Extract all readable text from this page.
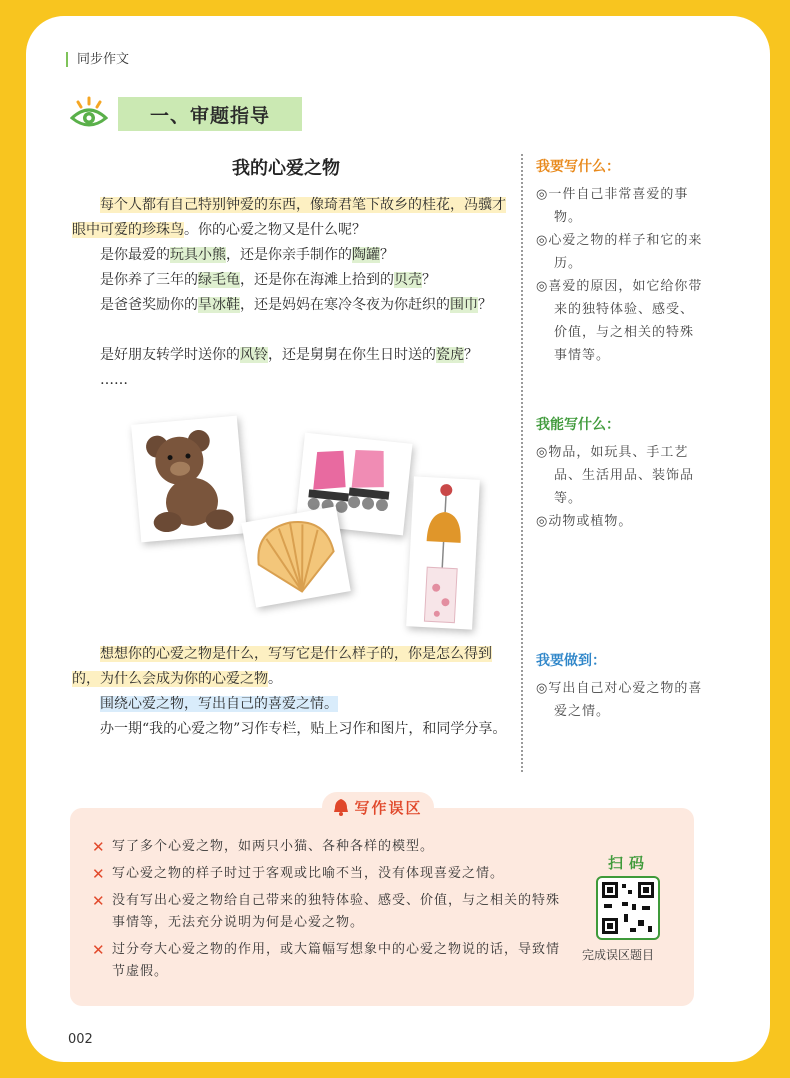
同步作文
一、审题指导
我的心爱之物
　　每个人都有自己特别钟爱的东西，像琦君笔下故乡的桂花，冯骥才眼中可爱的珍珠鸟。你的心爱之物又是什么呢？
　　是你最爱的玩具小熊，还是你亲手制作的陶罐？
　　是你养了三年的绿毛龟，还是你在海滩上拾到的贝壳？
　　是爸爸奖励你的旱冰鞋，还是妈妈在寒冷冬夜为你赶织的围巾？
　　是好朋友转学时送你的风铃，还是舅舅在你生日时送的瓷虎？
　　……
　　想想你的心爱之物是什么，写写它是什么样子的，你是怎么得到的，为什么会成为你的心爱之物。
　　围绕心爱之物，写出自己的喜爱之情。
　　办一期“我的心爱之物”习作专栏，贴上习作和图片，和同学分享。
我要写什么：
◎一件自己非常喜爱的事物。
◎心爱之物的样子和它的来历。
◎喜爱的原因，如它给你带来的独特体验、感受、价值，与之相关的特殊事情等。
我能写什么：
◎物品，如玩具、手工艺品、生活用品、装饰品等。
◎动物或植物。
我要做到：
◎写出自己对心爱之物的喜爱之情。
写作误区
✕ 写了多个心爱之物，如两只小猫、各种各样的模型。
✕ 写心爱之物的样子时过于客观或比喻不当，没有体现喜爱之情。
✕ 没有写出心爱之物给自己带来的独特体验、感受、价值，与之相关的特殊事情等，无法充分说明为何是心爱之物。
✕ 过分夸大心爱之物的作用，或大篇幅写想象中的心爱之物说的话，导致情节虚假。
扫码
完成误区题目
002
